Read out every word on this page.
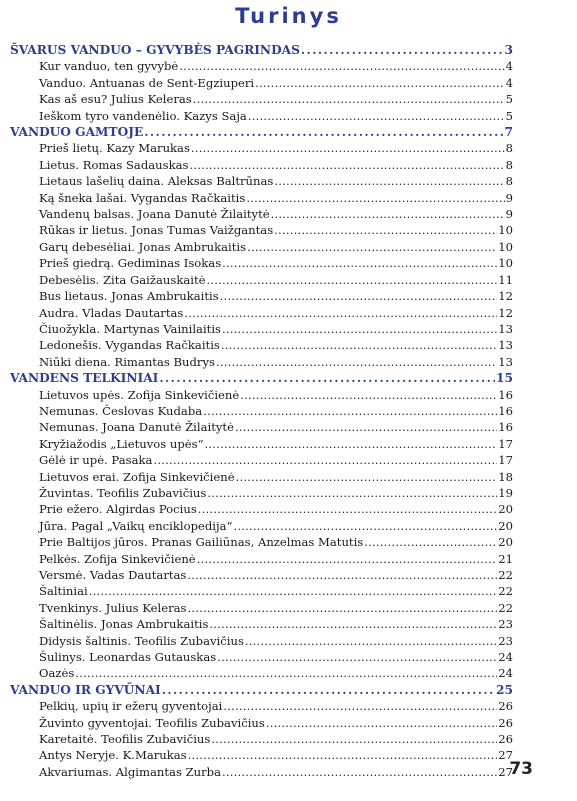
Turinys
ŠVARUS VANDUO – GYVYBĖS PAGRINDAS .....	3
Kur vanduo, ten gyvybė .....	4
Vanduo. Antuanas de Sent-Egziuperi .....	4
Kas aš esu? Julius Keleras .....	5
Ieškom tyro vandenėlio. Kazys Saja .....	5
VANDUO GAMTOJE .....	7
Prieš lietų. Kazy Marukas .....	8
Lietus. Romas Sadauskas .....	8
Lietaus lašelių daina. Aleksas Baltrūnas .....	8
Ką šneka lašai. Vygandas Račkaitis .....	9
Vandenų balsas. Joana Danutė Žilaitytė .....	9
Rūkas ir lietus. Jonas Tumas Vaižgantas .....	10
Garų debesėliai. Jonas Ambrukaitis .....	10
Prieš giedrą. Gediminas Isokas .....	10
Debesėlis. Zita Gaižauskaitė .....	11
Bus lietaus. Jonas Ambrukaitis .....	12
Audra. Vladas Dautartas .....	12
Čiuožykla. Martynas Vainilaitis .....	13
Ledonešis. Vygandas Račkaitis .....	13
Niūki diena. Rimantas Budrys .....	13
VANDENS TELKINIAI .....	15
Lietuvos upės. Zofija Sinkevičienė .....	16
Nemunas. Česlovas Kudaba .....	16
Nemunas. Joana Danutė Žilaitytė .....	16
Kryžiažodis „Lietuvos upės“ .....	17
Gėlė ir upė. Pasaka .....	17
Lietuvos erai. Zofija Sinkevičienė .....	18
Žuvintas. Teofilis Zubavičius .....	19
Prie ežero. Algirdas Pocius .....	20
Jūra. Pagal „Vaikų enciklopedija“ .....	20
Prie Baltijos jūros. Pranas Gailiūnas, Anzelmas Matutis .....	20
Pelkės. Zofija Sinkevičienė .....	21
Versmė. Vadas Dautartas .....	22
Šaltiniai .....	22
Tvenkinys. Julius Keleras .....	22
Šaltinėlis. Jonas Ambrukaitis .....	23
Didysis šaltinis. Teofilis Zubavičius .....	23
Šulinys. Leonardas Gutauskas .....	24
Oazės .....	24
VANDUO IR GYVŪNAI .....	25
Pelkių, upių ir ežerų gyventojai .....	26
Žuvinto gyventojai. Teofilis Zubavičius .....	26
Karetaitė. Teofilis Zubavičius .....	26
Antys Neryje. K.Marukas .....	27
Akvariumas. Algimantas Zurba .....	27
73
